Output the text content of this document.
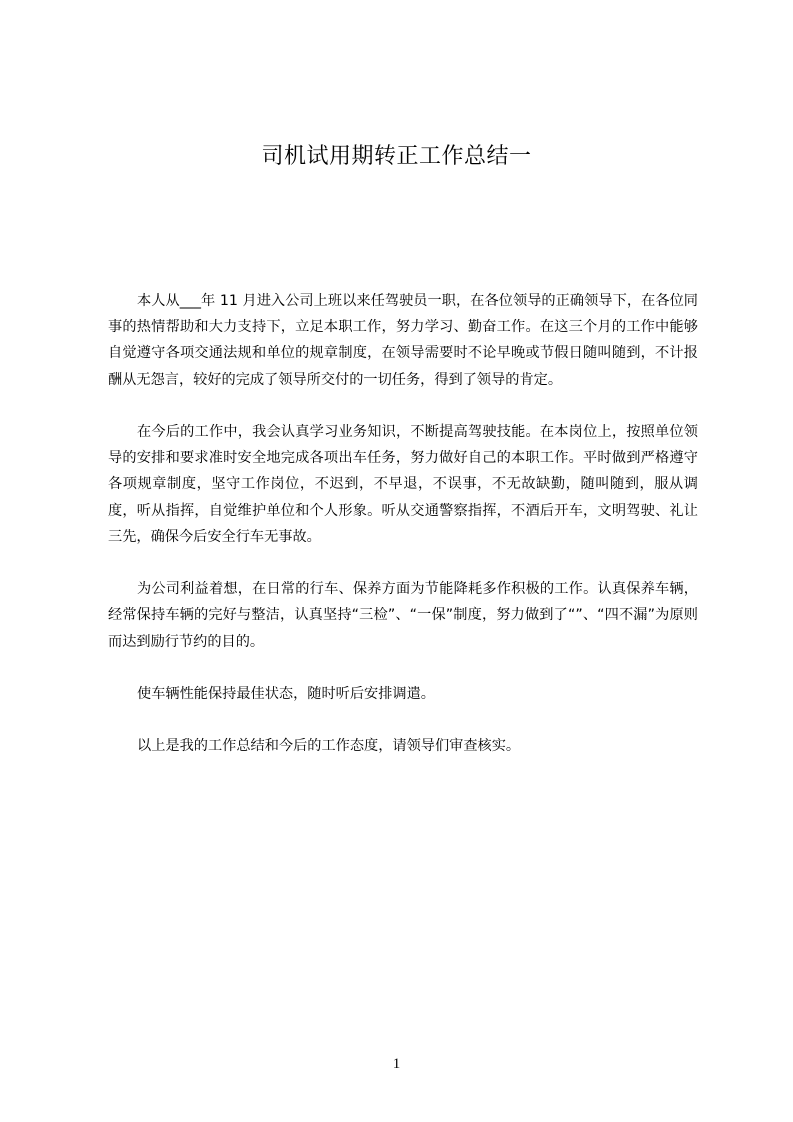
司机试用期转正工作总结一

本人从___年 11 月进入公司上班以来任驾驶员一职，在各位领导的正确领导下，在各位同事的热情帮助和大力支持下，立足本职工作，努力学习、勤奋工作。在这三个月的工作中能够自觉遵守各项交通法规和单位的规章制度，在领导需要时不论早晚或节假日随叫随到，不计报酬从无怨言，较好的完成了领导所交付的一切任务，得到了领导的肯定。

在今后的工作中，我会认真学习业务知识，不断提高驾驶技能。在本岗位上，按照单位领导的安排和要求准时安全地完成各项出车任务，努力做好自己的本职工作。平时做到严格遵守各项规章制度，坚守工作岗位，不迟到，不早退，不误事，不无故缺勤，随叫随到，服从调度，听从指挥，自觉维护单位和个人形象。听从交通警察指挥，不酒后开车，文明驾驶、礼让三先，确保今后安全行车无事故。

为公司利益着想，在日常的行车、保养方面为节能降耗多作积极的工作。认真保养车辆，经常保持车辆的完好与整洁，认真坚持“三检”、“一保”制度，努力做到了“”、“四不漏”为原则而达到励行节约的目的。

使车辆性能保持最佳状态，随时听后安排调遣。

以上是我的工作总结和今后的工作态度，请领导们审查核实。

1
